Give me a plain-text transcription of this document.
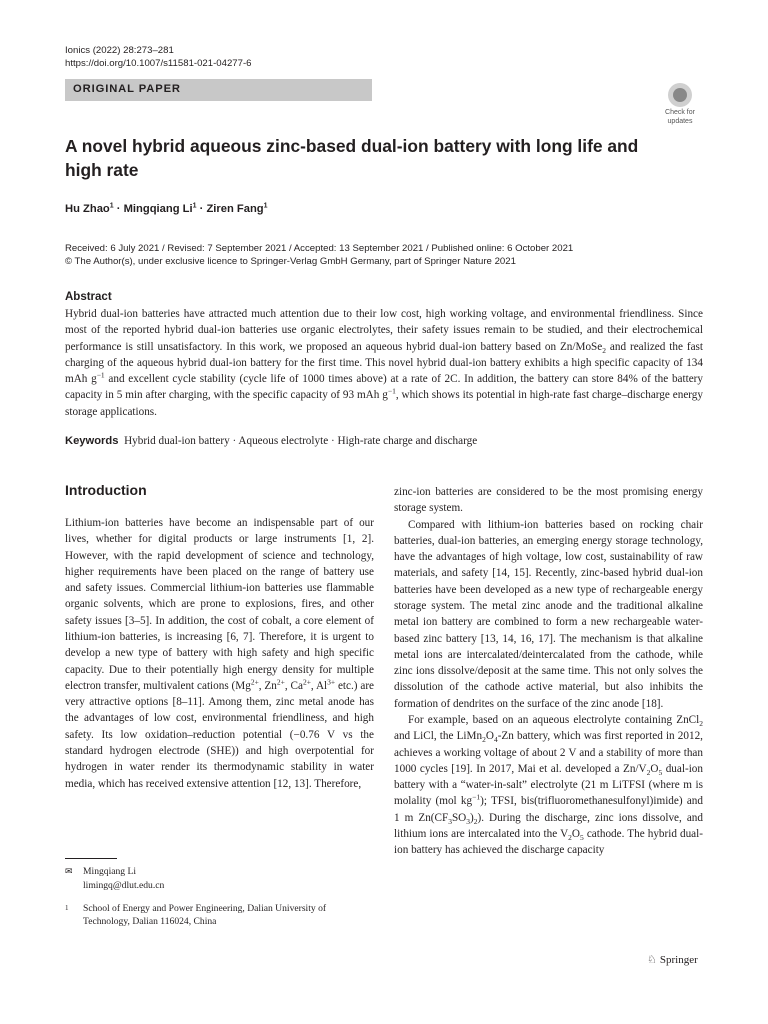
Ionics (2022) 28:273–281
https://doi.org/10.1007/s11581-021-04277-6
ORIGINAL PAPER
Check for
updates
A novel hybrid aqueous zinc-based dual-ion battery with long life and high rate
Hu Zhao$^1$ · Mingqiang $Li^1$ · Ziren Fang$^1$
Received: 6 July 2021 / Revised: 7 September 2021 / Accepted: 13 September 2021 / Published online: 6 October 2021
© The Author(s), under exclusive licence to Springer-Verlag GmbH Germany, part of Springer Nature 2021
Abstract
Hybrid dual-ion batteries have attracted much attention due to their low cost, high working voltage, and environmental friendliness. Since most of the reported hybrid dual-ion batteries use organic electrolytes, their safety issues remain to be studied, and their electrochemical performance is still unsatisfactory. In this work, we proposed an aqueous hybrid dual-ion battery based on Zn/MoSe$_2$ and realized the fast charging of the aqueous hybrid dual-ion battery for the first time. This novel hybrid dual-ion battery exhibits a high specific capacity of 134 mAh $g^{-1}$ and excellent cycle stability (cycle life of 1000 times above) at a rate of 2C. In addition, the battery can store 84% of the battery capacity in 5 min after charging, with the specific capacity of 93 mAh $g^{-1}$, which shows its potential in high-rate fast charge–discharge energy storage applications.
Keywords Hybrid dual-ion battery · Aqueous electrolyte · High-rate charge and discharge
Introduction

Lithium-ion batteries have become an indispensable part of our lives, whether for digital products or large instruments [1, 2]. However, with the rapid development of science and technology, higher requirements have been placed on the range of battery use and safety issues. Commercial lithium-ion batteries use flammable organic solvents, which are prone to explosions, fires, and other safety issues [3–5]. In addition, the cost of cobalt, a core element of lithium-ion batteries, is increasing [6, 7]. Therefore, it is urgent to develop a new type of battery with high safety and high specific capacity. Due to their potentially high energy density for multiple electron transfer, multivalent cations ($Mg^{2+}$, $Zn^{2+}$, $Ca^{2+}$, $Al^{3+}$ etc.) are very attractive options [8–11]. Among them, zinc metal anode has the advantages of low cost, environmental friendliness, and high safety. Its low oxidation–reduction potential (−0.76 V vs the standard hydrogen electrode (SHE)) and high overpotential for hydrogen in water render its thermodynamic stability in water media, which has received extensive attention [12, 13]. Therefore,

zinc-ion batteries are considered to be the most promising energy storage system.

Compared with lithium-ion batteries based on rocking chair batteries, dual-ion batteries, an emerging energy storage technology, have the advantages of high voltage, low cost, sustainability of raw materials, and safety [14, 15]. Recently, zinc-based hybrid dual-ion batteries have been developed as a new type of rechargeable energy storage system. The metal zinc anode and the traditional alkaline metal ion battery are combined to form a new rechargeable water-based zinc battery [13, 14, 16, 17]. The mechanism is that alkaline metal ions are intercalated/deintercalated from the cathode, while zinc ions dissolve/deposit at the same time. This not only solves the dissolution of the cathode active material, but also inhibits the formation of dendrites on the surface of the zinc anode [18].

For example, based on an aqueous electrolyte containing ZnCl$_2$ and LiCl, the $LiMn_2O_4-Zn$ battery, which was first reported in 2012, achieves a working voltage of about 2 V and a stability of more than 1000 cycles [19]. In 2017, Mai et al. developed a $Zn/V_2O_5$ dual-ion battery with a “water-in-salt” electrolyte (21 m LiTFSI (where m is molality (mol $kg^{-1}$); TFSI, bis(trifluoromethanesulfonyl)imide) and 1 m $Zn(CF_3SO_3)_2$). During the discharge, zinc ions dissolve, and lithium ions are intercalated into the $V_2O_5$ cathode. The hybrid dual-ion battery has achieved the discharge capacity

✉ Mingqiang Li
limingq@dlut.edu.cn
1 School of Energy and Power Engineering, Dalian University of Technology, Dalian 116024, China
♘ Springer
